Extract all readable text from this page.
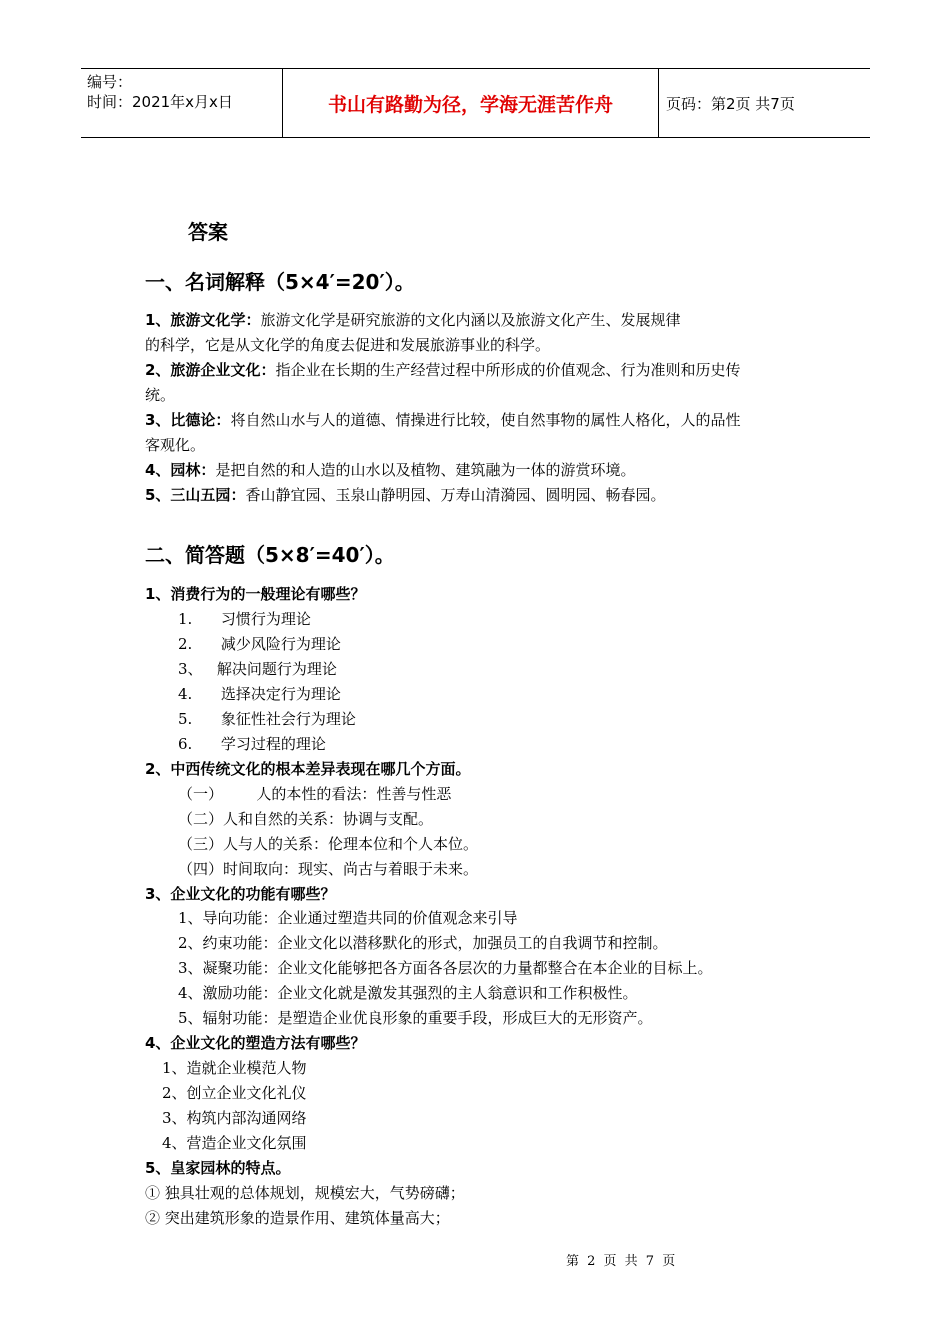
编号：
时间：2021年x月x日	书山有路勤为径，学海无涯苦作舟	页码：第2页 共7页
答案
一、名词解释（5×4′=20′）。
1、旅游文化学：旅游文化学是研究旅游的文化内涵以及旅游文化产生、发展规律
的科学，它是从文化学的角度去促进和发展旅游事业的科学。
2、旅游企业文化：指企业在长期的生产经营过程中所形成的价值观念、行为准则和历史传
统。
3、比德论：将自然山水与人的道德、情操进行比较，使自然事物的属性人格化，人的品性
客观化。
4、园林：是把自然的和人造的山水以及植物、建筑融为一体的游赏环境。
5、三山五园：香山静宜园、玉泉山静明园、万寿山清漪园、圆明园、畅春园。
二、简答题（5×8′=40′）。
1、消费行为的一般理论有哪些？
1.      习惯行为理论
2.      减少风险行为理论
3、   解决问题行为理论
4.      选择决定行为理论
5.      象征性社会行为理论
6.      学习过程的理论
2、中西传统文化的根本差异表现在哪几个方面。
（一）       人的本性的看法：性善与性恶
（二）人和自然的关系：协调与支配。
（三）人与人的关系：伦理本位和个人本位。
（四）时间取向：现实、尚古与着眼于未来。
3、企业文化的功能有哪些？
1、导向功能：企业通过塑造共同的价值观念来引导
2、约束功能：企业文化以潜移默化的形式，加强员工的自我调节和控制。
3、凝聚功能：企业文化能够把各方面各各层次的力量都整合在本企业的目标上。
4、激励功能：企业文化就是激发其强烈的主人翁意识和工作积极性。
5、辐射功能：是塑造企业优良形象的重要手段，形成巨大的无形资产。
4、企业文化的塑造方法有哪些？
1、造就企业模范人物
2、创立企业文化礼仪
3、构筑内部沟通网络
4、营造企业文化氛围
5、皇家园林的特点。
① 独具壮观的总体规划，规模宏大，气势磅礴；
② 突出建筑形象的造景作用、建筑体量高大；
第 2 页 共 7 页
